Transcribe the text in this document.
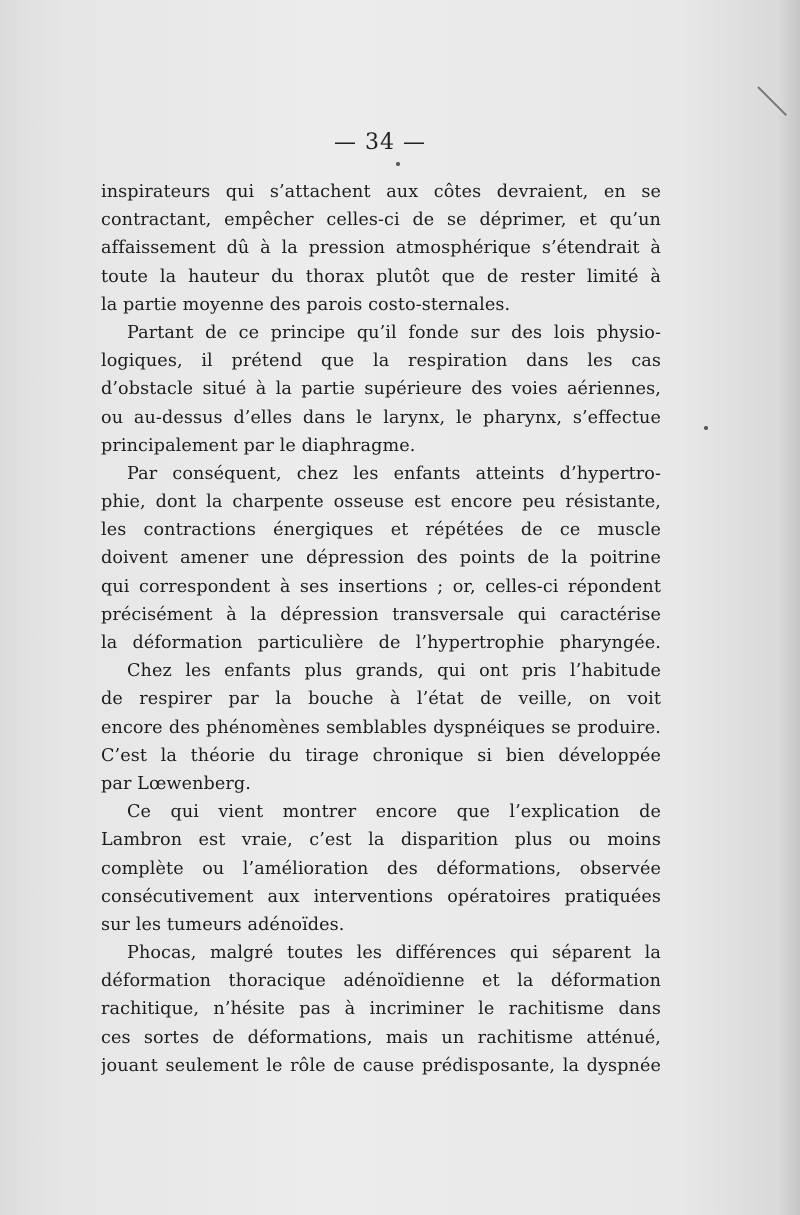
— 34 —
inspirateurs qui s’attachent aux côtes devraient, en se
contractant, empêcher celles-ci de se déprimer, et qu’un
affaissement dû à la pression atmosphérique s’étendrait à
toute la hauteur du thorax plutôt que de rester limité à
la partie moyenne des parois costo-sternales.
Partant de ce principe qu’il fonde sur des lois physio-
logiques, il prétend que la respiration dans les cas
d’obstacle situé à la partie supérieure des voies aériennes,
ou au-dessus d’elles dans le larynx, le pharynx, s’effectue
principalement par le diaphragme.
Par conséquent, chez les enfants atteints d’hypertro-
phie, dont la charpente osseuse est encore peu résistante,
les contractions énergiques et répétées de ce muscle
doivent amener une dépression des points de la poitrine
qui correspondent à ses insertions ; or, celles-ci répondent
précisément à la dépression transversale qui caractérise
la déformation particulière de l’hypertrophie pharyngée.
Chez les enfants plus grands, qui ont pris l’habitude
de respirer par la bouche à l’état de veille, on voit
encore des phénomènes semblables dyspnéiques se produire.
C’est la théorie du tirage chronique si bien développée
par Lœwenberg.
Ce qui vient montrer encore que l’explication de
Lambron est vraie, c’est la disparition plus ou moins
complète ou l’amélioration des déformations, observée
consécutivement aux interventions opératoires pratiquées
sur les tumeurs adénoïdes.
Phocas, malgré toutes les différences qui séparent la
déformation thoracique adénoïdienne et la déformation
rachitique, n’hésite pas à incriminer le rachitisme dans
ces sortes de déformations, mais un rachitisme atténué,
jouant seulement le rôle de cause prédisposante, la dyspnée
